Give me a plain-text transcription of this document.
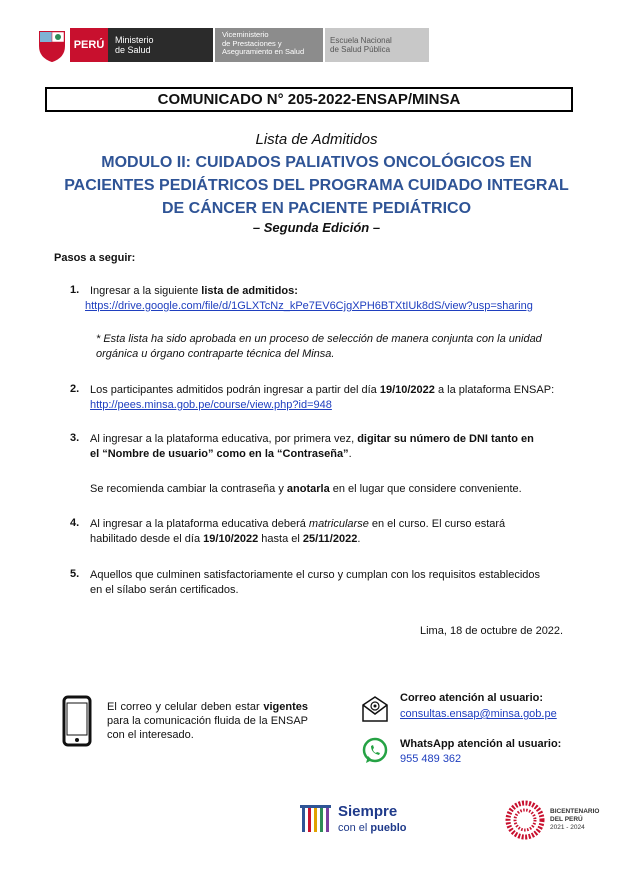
PERÚ Ministerio
de Salud
Viceministerio
de Prestaciones y
Aseguramiento en Salud
Escuela Nacional
de Salud Pública
COMUNICADO N° 205-2022-ENSAP/MINSA
Lista de Admitidos
MODULO II: CUIDADOS PALIATIVOS ONCOLÓGICOS EN
PACIENTES PEDIÁTRICOS DEL PROGRAMA CUIDADO INTEGRAL
DE CÁNCER EN PACIENTE PEDIÁTRICO
– Segunda Edición –
Pasos a seguir:
1. Ingresar a la siguiente lista de admitidos:
https://drive.google.com/file/d/1GLXTcNz_kPe7EV6CjgXPH6BTXtIUk8dS/view?usp=sharing
* Esta lista ha sido aprobada en un proceso de selección de manera conjunta con la unidad
orgánica u órgano contraparte técnica del Minsa.
2. Los participantes admitidos podrán ingresar a partir del día 19/10/2022 a la plataforma ENSAP:
http://pees.minsa.gob.pe/course/view.php?id=948
3. Al ingresar a la plataforma educativa, por primera vez, digitar su número de DNI tanto en
el “Nombre de usuario” como en la “Contraseña”.
Se recomienda cambiar la contraseña y anotarla en el lugar que considere conveniente.
4. Al ingresar a la plataforma educativa deberá matricularse en el curso. El curso estará
habilitado desde el día 19/10/2022 hasta el 25/11/2022.
5. Aquellos que culminen satisfactoriamente el curso y cumplan con los requisitos establecidos
en el sílabo serán certificados.
Lima, 18 de octubre de 2022.
El correo y celular deben estar vigentes para la comunicación fluida de la ENSAP con el interesado.
Correo atención al usuario:
consultas.ensap@minsa.gob.pe
WhatsApp atención al usuario:
955 489 362
Siempre
con el pueblo
BICENTENARIO
DEL PERÚ
2021 - 2024
